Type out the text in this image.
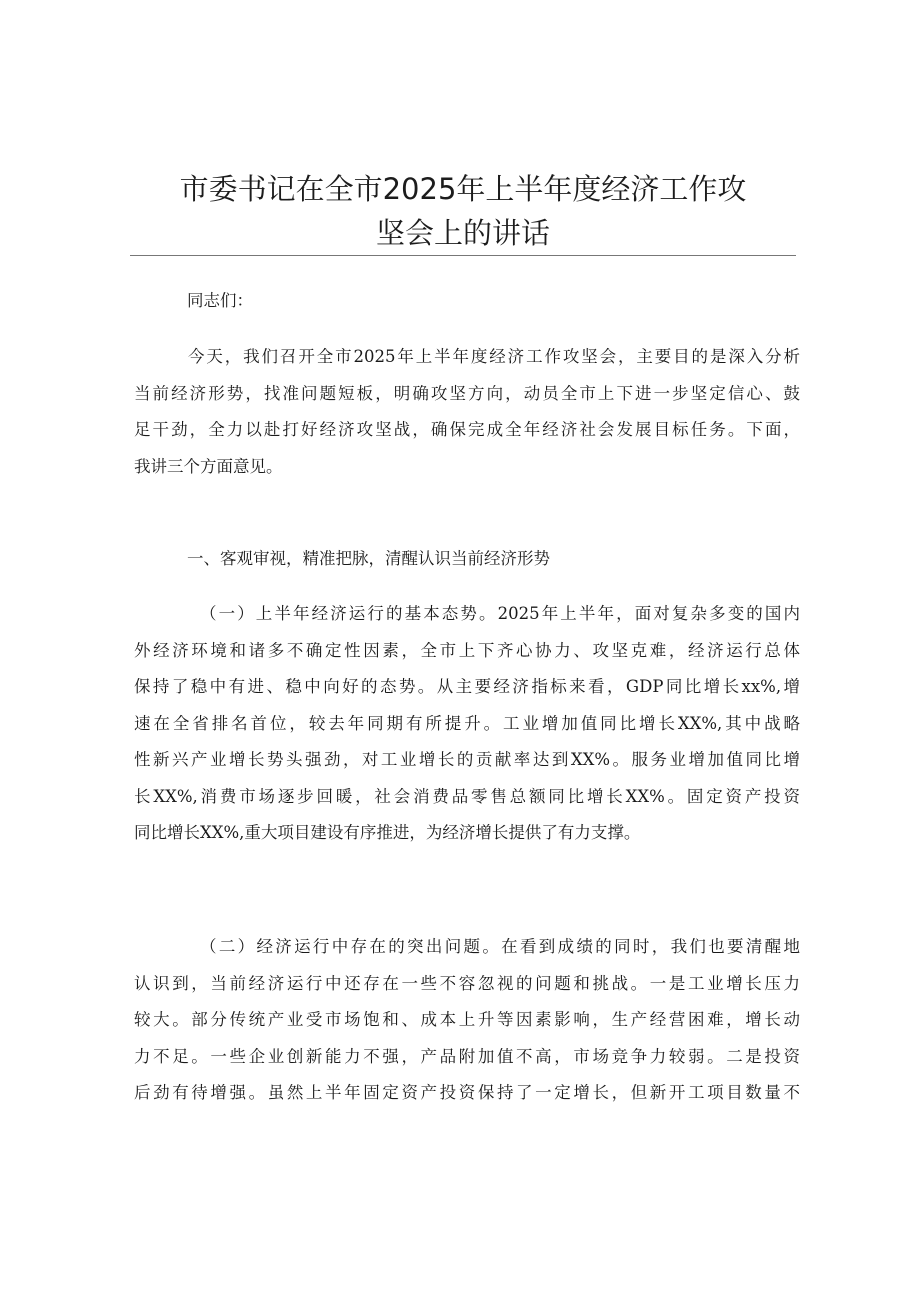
市委书记在全市2025年上半年度经济工作攻
坚会上的讲话
同志们：
今天，我们召开全市2025年上半年度经济工作攻坚会，主要目的是深入分析
当前经济形势，找准问题短板，明确攻坚方向，动员全市上下进一步坚定信心、鼓
足干劲，全力以赴打好经济攻坚战，确保完成全年经济社会发展目标任务。下面，
我讲三个方面意见。
一、客观审视，精准把脉，清醒认识当前经济形势
（一）上半年经济运行的基本态势。2025年上半年，面对复杂多变的国内
外经济环境和诸多不确定性因素，全市上下齐心协力、攻坚克难，经济运行总体
保持了稳中有进、稳中向好的态势。从主要经济指标来看，GDP同比增长xx%,增
速在全省排名首位，较去年同期有所提升。工业增加值同比增长XX%,其中战略
性新兴产业增长势头强劲，对工业增长的贡献率达到XX%。服务业增加值同比增
长XX%,消费市场逐步回暖，社会消费品零售总额同比增长XX%。固定资产投资
同比增长XX%,重大项目建设有序推进，为经济增长提供了有力支撑。
（二）经济运行中存在的突出问题。在看到成绩的同时，我们也要清醒地
认识到，当前经济运行中还存在一些不容忽视的问题和挑战。一是工业增长压力
较大。部分传统产业受市场饱和、成本上升等因素影响，生产经营困难，增长动
力不足。一些企业创新能力不强，产品附加值不高，市场竞争力较弱。二是投资
后劲有待增强。虽然上半年固定资产投资保持了一定增长，但新开工项目数量不
